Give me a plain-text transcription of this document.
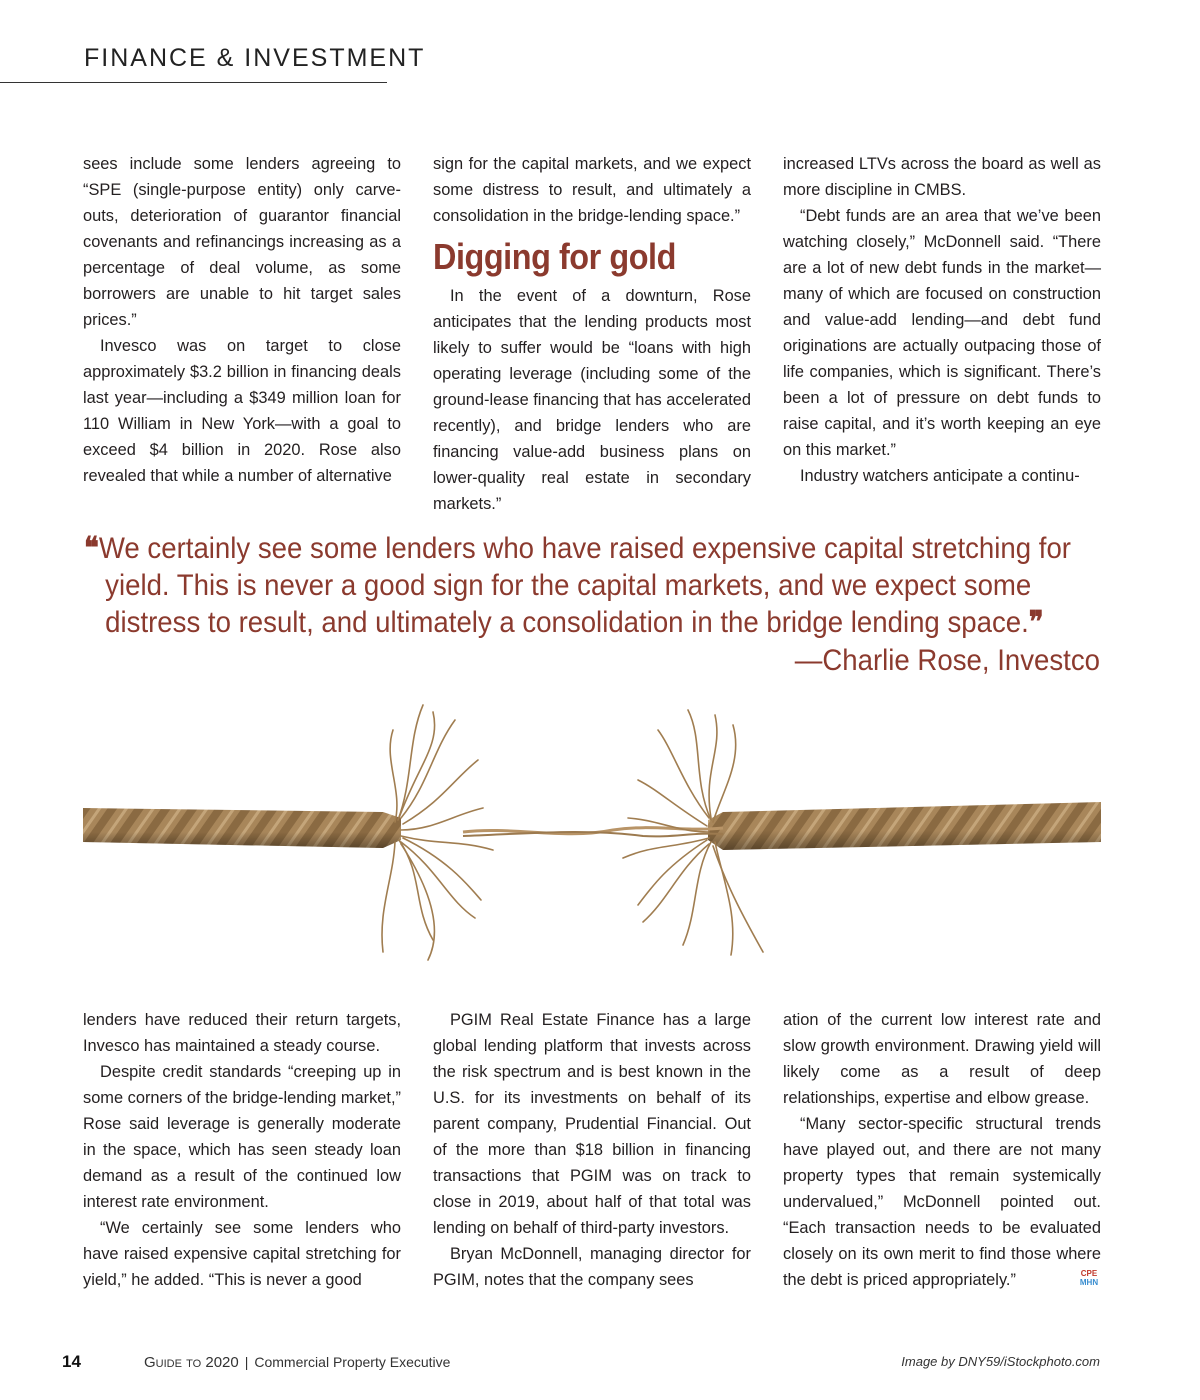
FINANCE & INVESTMENT

sees include some lenders agreeing to “SPE (single-purpose entity) only carve-outs, deterioration of guarantor financial covenants and refinancings increasing as a percentage of deal volume, as some borrowers are unable to hit target sales prices.”

Invesco was on target to close approximately $3.2 billion in financing deals last year—including a $349 million loan for 110 William in New York—with a goal to exceed $4 billion in 2020. Rose also revealed that while a number of alternative

sign for the capital markets, and we expect some distress to result, and ultimately a consolidation in the bridge-lending space.”

Digging for gold

In the event of a downturn, Rose anticipates that the lending products most likely to suffer would be “loans with high operating leverage (including some of the ground-lease financing that has accelerated recently), and bridge lenders who are financing value-add business plans on lower-quality real estate in secondary markets.”

increased LTVs across the board as well as more discipline in CMBS.

“Debt funds are an area that we’ve been watching closely,” McDonnell said. “There are a lot of new debt funds in the market—many of which are focused on construction and value-add lending—and debt fund originations are actually outpacing those of life companies, which is significant. There’s been a lot of pressure on debt funds to raise capital, and it’s worth keeping an eye on this market.”

Industry watchers anticipate a continu-

❝We certainly see some lenders who have raised expensive capital stretching for yield. This is never a good sign for the capital markets, and we expect some distress to result, and ultimately a consolidation in the bridge lending space.❞
—Charlie Rose, Investco

lenders have reduced their return targets, Invesco has maintained a steady course.

Despite credit standards “creeping up in some corners of the bridge-lending market,” Rose said leverage is generally moderate in the space, which has seen steady loan demand as a result of the continued low interest rate environment.

“We certainly see some lenders who have raised expensive capital stretching for yield,” he added. “This is never a good

PGIM Real Estate Finance has a large global lending platform that invests across the risk spectrum and is best known in the U.S. for its investments on behalf of its parent company, Prudential Financial. Out of the more than $18 billion in financing transactions that PGIM was on track to close in 2019, about half of that total was lending on behalf of third-party investors.

Bryan McDonnell, managing director for PGIM, notes that the company sees

ation of the current low interest rate and slow growth environment. Drawing yield will likely come as a result of deep relationships, expertise and elbow grease.

“Many sector-specific structural trends have played out, and there are not many property types that remain systemically undervalued,” McDonnell pointed out. “Each transaction needs to be evaluated closely on its own merit to find those where the debt is priced appropriately.”	CPE
MHN
14	Guide to 2020 | Commercial Property Executive	Image by DNY59/iStockphoto.com
